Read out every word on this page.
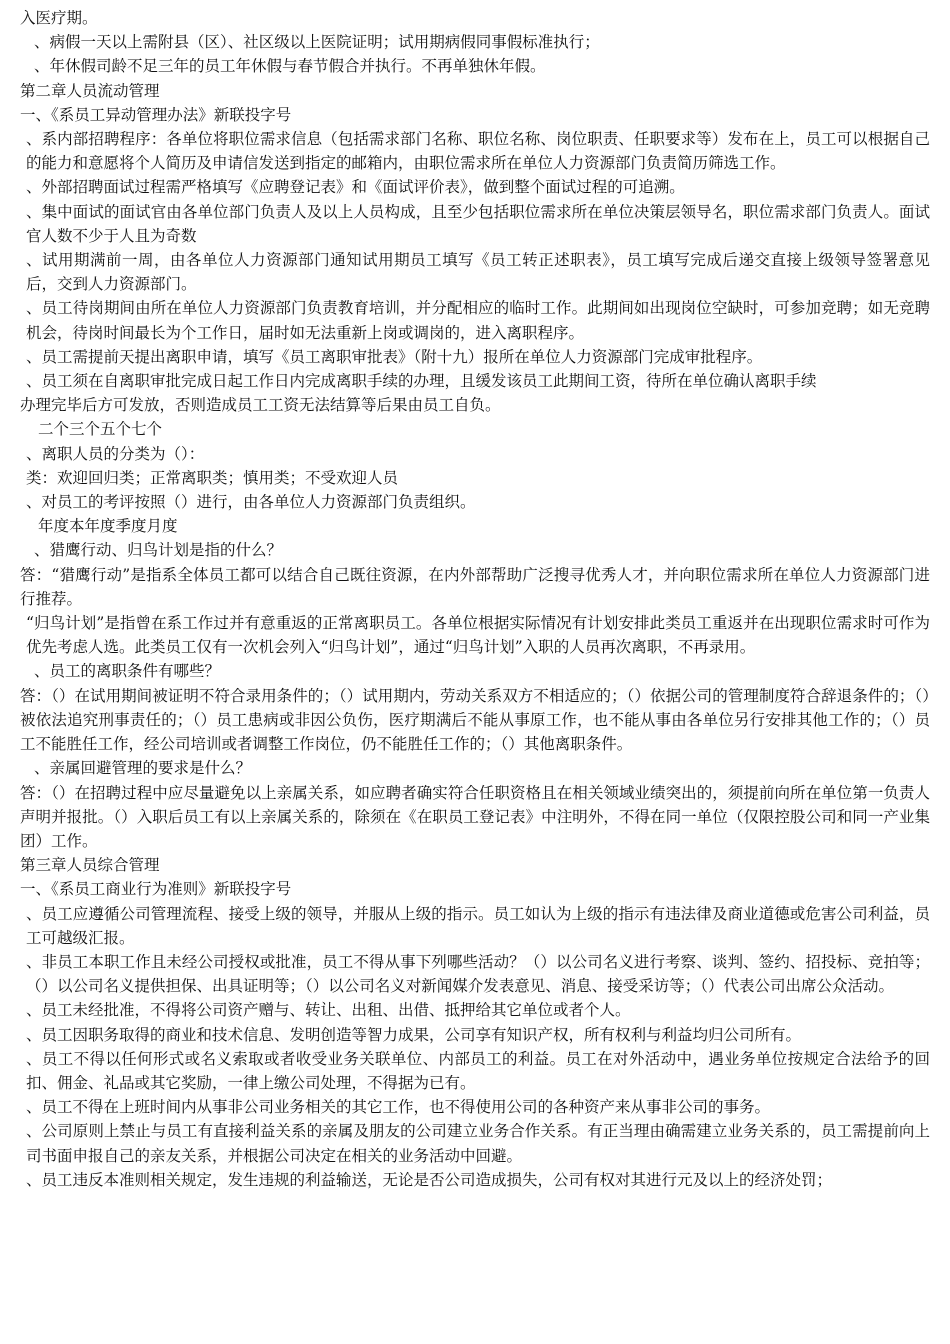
入医疗期。
、病假一天以上需附县（区）、社区级以上医院证明；试用期病假同事假标准执行；
、年休假司龄不足三年的员工年休假与春节假合并执行。不再单独休年假。
第二章人员流动管理
一、《系员工异动管理办法》新联投字号
、系内部招聘程序：各单位将职位需求信息（包括需求部门名称、职位名称、岗位职责、任职要求等）发布在上，员工可以根据自己的能力和意愿将个人简历及申请信发送到指定的邮箱内，由职位需求所在单位人力资源部门负责简历筛选工作。
、外部招聘面试过程需严格填写《应聘登记表》和《面试评价表》，做到整个面试过程的可追溯。
、集中面试的面试官由各单位部门负责人及以上人员构成，且至少包括职位需求所在单位决策层领导名，职位需求部门负责人。面试官人数不少于人且为奇数
、试用期满前一周，由各单位人力资源部门通知试用期员工填写《员工转正述职表》，员工填写完成后递交直接上级领导签署意见后，交到人力资源部门。
、员工待岗期间由所在单位人力资源部门负责教育培训，并分配相应的临时工作。此期间如出现岗位空缺时，可参加竞聘；如无竞聘机会，待岗时间最长为个工作日，届时如无法重新上岗或调岗的，进入离职程序。
、员工需提前天提出离职申请，填写《员工离职审批表》（附十九）报所在单位人力资源部门完成审批程序。
、员工须在自离职审批完成日起工作日内完成离职手续的办理，且缓发该员工此期间工资，待所在单位确认离职手续
办理完毕后方可发放，否则造成员工工资无法结算等后果由员工自负。
二个三个五个七个
、离职人员的分类为（）：
类：欢迎回归类；正常离职类；慎用类；不受欢迎人员
、对员工的考评按照（）进行，由各单位人力资源部门负责组织。
年度本年度季度月度
、猎鹰行动、归鸟计划是指的什么？
答：“猎鹰行动”是指系全体员工都可以结合自己既往资源，在内外部帮助广泛搜寻优秀人才，并向职位需求所在单位人力资源部门进行推荐。
“归鸟计划”是指曾在系工作过并有意重返的正常离职员工。各单位根据实际情况有计划安排此类员工重返并在出现职位需求时可作为优先考虑人选。此类员工仅有一次机会列入“归鸟计划”，通过“归鸟计划”入职的人员再次离职，不再录用。
、员工的离职条件有哪些？
答：（）在试用期间被证明不符合录用条件的；（）试用期内，劳动关系双方不相适应的；（）依据公司的管理制度符合辞退条件的；（）被依法追究刑事责任的；（）员工患病或非因公负伤，医疗期满后不能从事原工作，也不能从事由各单位另行安排其他工作的；（）员工不能胜任工作，经公司培训或者调整工作岗位，仍不能胜任工作的；（）其他离职条件。
、亲属回避管理的要求是什么？
答：（）在招聘过程中应尽量避免以上亲属关系，如应聘者确实符合任职资格且在相关领域业绩突出的，须提前向所在单位第一负责人声明并报批。（）入职后员工有以上亲属关系的，除须在《在职员工登记表》中注明外，不得在同一单位（仅限控股公司和同一产业集团）工作。
第三章人员综合管理
一、《系员工商业行为准则》新联投字号
、员工应遵循公司管理流程、接受上级的领导，并服从上级的指示。员工如认为上级的指示有违法律及商业道德或危害公司利益，员工可越级汇报。
、非员工本职工作且未经公司授权或批准，员工不得从事下列哪些活动？（）以公司名义进行考察、谈判、签约、招投标、竞拍等；（）以公司名义提供担保、出具证明等；（）以公司名义对新闻媒介发表意见、消息、接受采访等；（）代表公司出席公众活动。
、员工未经批准，不得将公司资产赠与、转让、出租、出借、抵押给其它单位或者个人。
、员工因职务取得的商业和技术信息、发明创造等智力成果，公司享有知识产权，所有权利与利益均归公司所有。
、员工不得以任何形式或名义索取或者收受业务关联单位、内部员工的利益。员工在对外活动中，遇业务单位按规定合法给予的回扣、佣金、礼品或其它奖励，一律上缴公司处理，不得据为已有。
、员工不得在上班时间内从事非公司业务相关的其它工作，也不得使用公司的各种资产来从事非公司的事务。
、公司原则上禁止与员工有直接利益关系的亲属及朋友的公司建立业务合作关系。有正当理由确需建立业务关系的，员工需提前向上司书面申报自己的亲友关系，并根据公司决定在相关的业务活动中回避。
、员工违反本准则相关规定，发生违规的利益输送，无论是否公司造成损失，公司有权对其进行元及以上的经济处罚；
